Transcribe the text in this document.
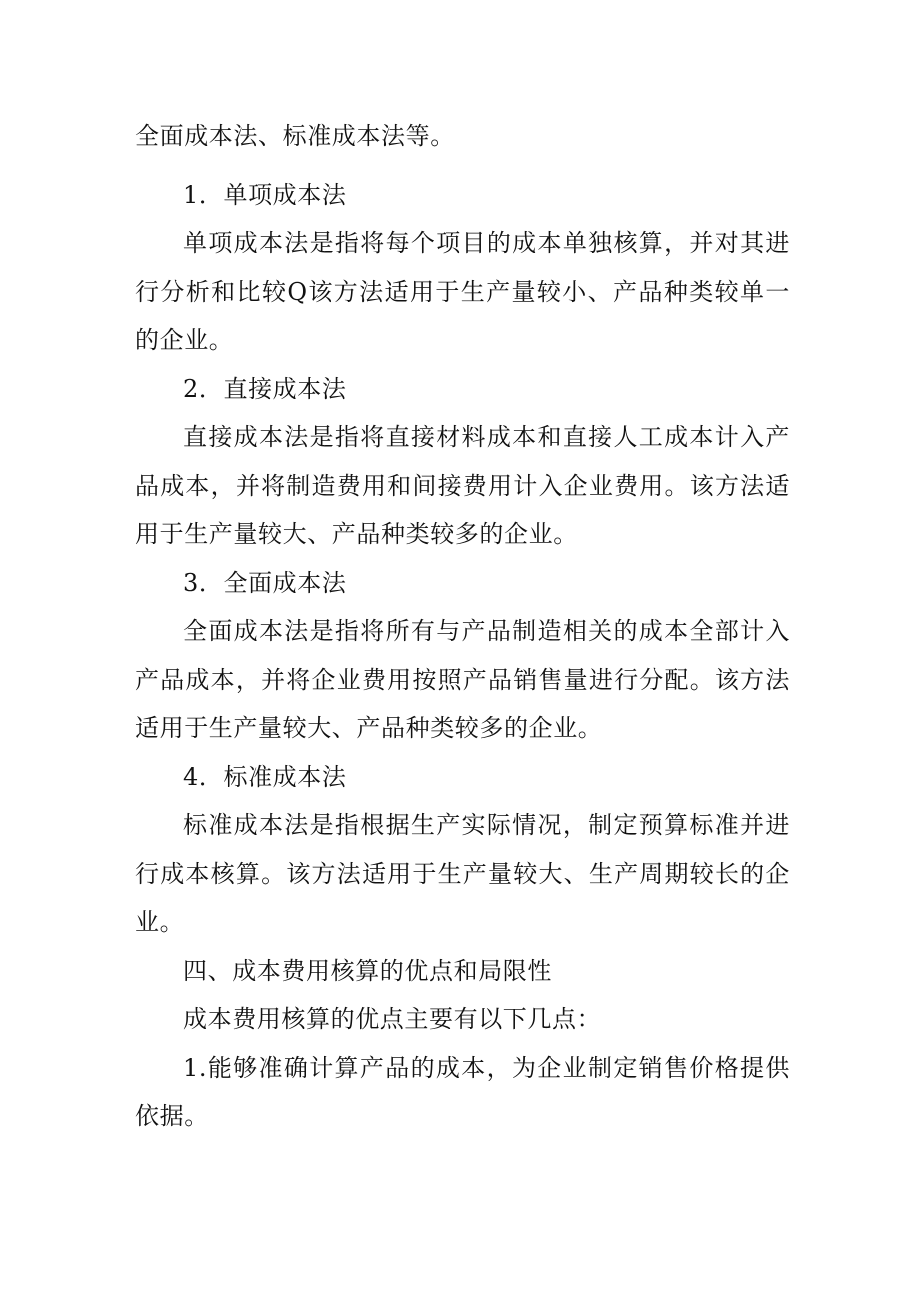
全面成本法、标准成本法等。

1．单项成本法

单项成本法是指将每个项目的成本单独核算，并对其进行分析和比较Q该方法适用于生产量较小、产品种类较单一的企业。

2．直接成本法

直接成本法是指将直接材料成本和直接人工成本计入产品成本，并将制造费用和间接费用计入企业费用。该方法适用于生产量较大、产品种类较多的企业。

3．全面成本法

全面成本法是指将所有与产品制造相关的成本全部计入产品成本，并将企业费用按照产品销售量进行分配。该方法适用于生产量较大、产品种类较多的企业。

4．标准成本法

标准成本法是指根据生产实际情况，制定预算标准并进行成本核算。该方法适用于生产量较大、生产周期较长的企业。

四、成本费用核算的优点和局限性

成本费用核算的优点主要有以下几点：

1.能够准确计算产品的成本，为企业制定销售价格提供依据。
